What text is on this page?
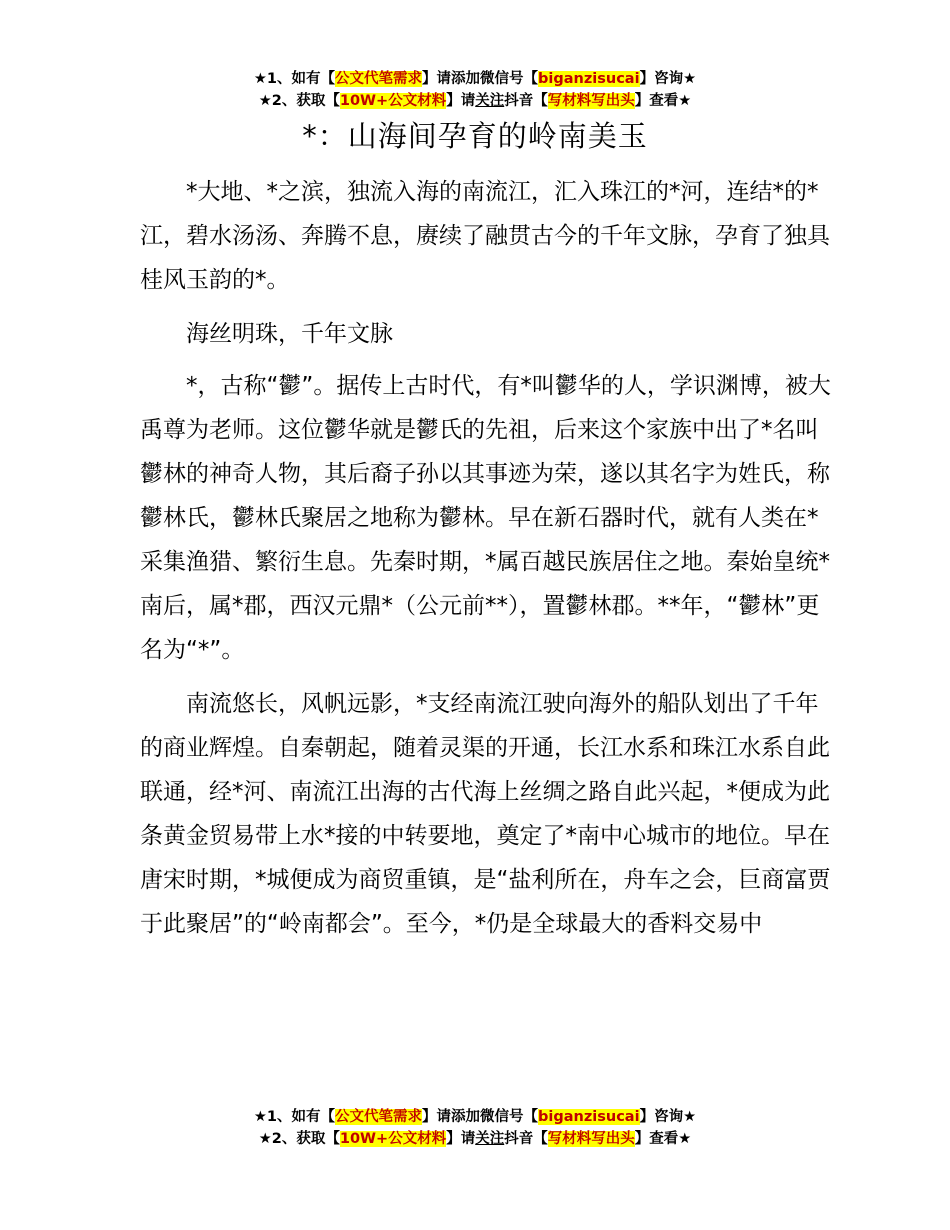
★1、如有【公文代笔需求】请添加微信号【biganzisucai】咨询★
★2、获取【10W+公文材料】请关注抖音【写材料写出头】查看★
*：山海间孕育的岭南美玉

*大地、*之滨，独流入海的南流江，汇入珠江的*河，连结*的*江，碧水汤汤、奔腾不息，赓续了融贯古今的千年文脉，孕育了独具桂风玉韵的*。

海丝明珠，千年文脉

*，古称“鬱”。据传上古时代，有*叫鬱华的人，学识渊博，被大禹尊为老师。这位鬱华就是鬱氏的先祖，后来这个家族中出了*名叫鬱林的神奇人物，其后裔子孙以其事迹为荣，遂以其名字为姓氏，称鬱林氏，鬱林氏聚居之地称为鬱林。早在新石器时代，就有人类在*采集渔猎、繁衍生息。先秦时期，*属百越民族居住之地。秦始皇统*南后，属*郡，西汉元鼎*（公元前**），置鬱林郡。**年，“鬱林”更名为“*”。

南流悠长，风帆远影，*支经南流江驶向海外的船队划出了千年的商业辉煌。自秦朝起，随着灵渠的开通，长江水系和珠江水系自此联通，经*河、南流江出海的古代海上丝绸之路自此兴起，*便成为此条黄金贸易带上水*接的中转要地，奠定了*南中心城市的地位。早在唐宋时期，*城便成为商贸重镇，是“盐利所在，舟车之会，巨商富贾于此聚居”的“岭南都会”。至今，*仍是全球最大的香料交易中

★1、如有【公文代笔需求】请添加微信号【biganzisucai】咨询★
★2、获取【10W+公文材料】请关注抖音【写材料写出头】查看★
